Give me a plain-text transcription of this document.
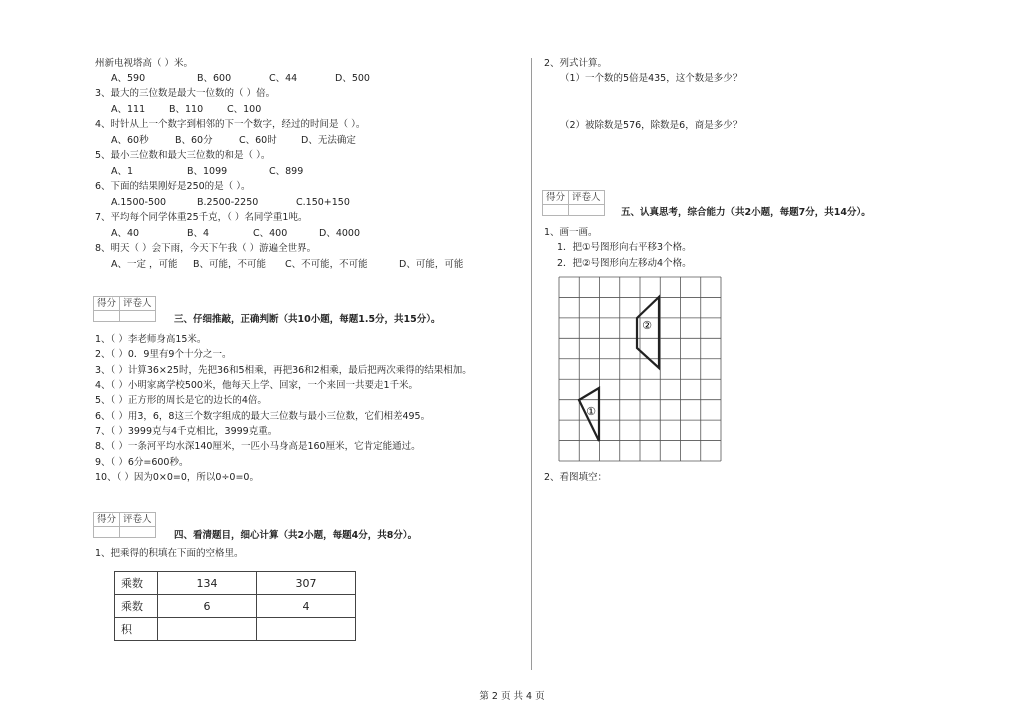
州新电视塔高（ ）米。
A、590	B、600	C、44	D、500
3、最大的三位数是最大一位数的（ ）倍。
A、111	B、110	C、100
4、时针从上一个数字到相邻的下一个数字，经过的时间是（ ）。
A、60秒	B、60分	C、60时	D、无法确定
5、最小三位数和最大三位数的和是（ ）。
A、1	B、1099	C、899
6、下面的结果刚好是250的是（ ）。
A.1500-500	B.2500-2250	C.150+150
7、平均每个同学体重25千克，（ ）名同学重1吨。
A、40	B、4	C、400	D、4000
8、明天（ ）会下雨，今天下午我（ ）游遍全世界。
A、一定 ，可能 B、可能，不可能 C、不可能，不可能	D、可能，可能
得分	评卷人

三、仔细推敲，正确判断（共10小题，每题1.5分，共15分）。
1、（ ）李老师身高15米。
2、（ ）0．9里有9个十分之一。
3、（ ）计算36×25时，先把36和5相乘，再把36和2相乘，最后把两次乘得的结果相加。
4、（ ）小明家离学校500米，他每天上学、回家，一个来回一共要走1千米。
5、（ ）正方形的周长是它的边长的4倍。
6、（ ）用3，6，8这三个数字组成的最大三位数与最小三位数，它们相差495。
7、（ ）3999克与4千克相比，3999克重。
8、（ ）一条河平均水深140厘米，一匹小马身高是160厘米，它肯定能通过。
9、（ ）6分=600秒。
10、（ ）因为0×0=0，所以0÷0=0。
得分	评卷人

四、看清题目，细心计算（共2小题，每题4分，共8分）。
1、把乘得的积填在下面的空格里。
乘数	134	307
乘数	6	4
积		
2、列式计算。
（1）一个数的5倍是435，这个数是多少？
（2）被除数是576，除数是6，商是多少？
得分	评卷人

五、认真思考，综合能力（共2小题，每题7分，共14分）。
1、画一画。
1．把①号图形向右平移3个格。
2．把②号图形向左移动4个格。
②
①
2、看图填空：
第 2 页 共 4 页
